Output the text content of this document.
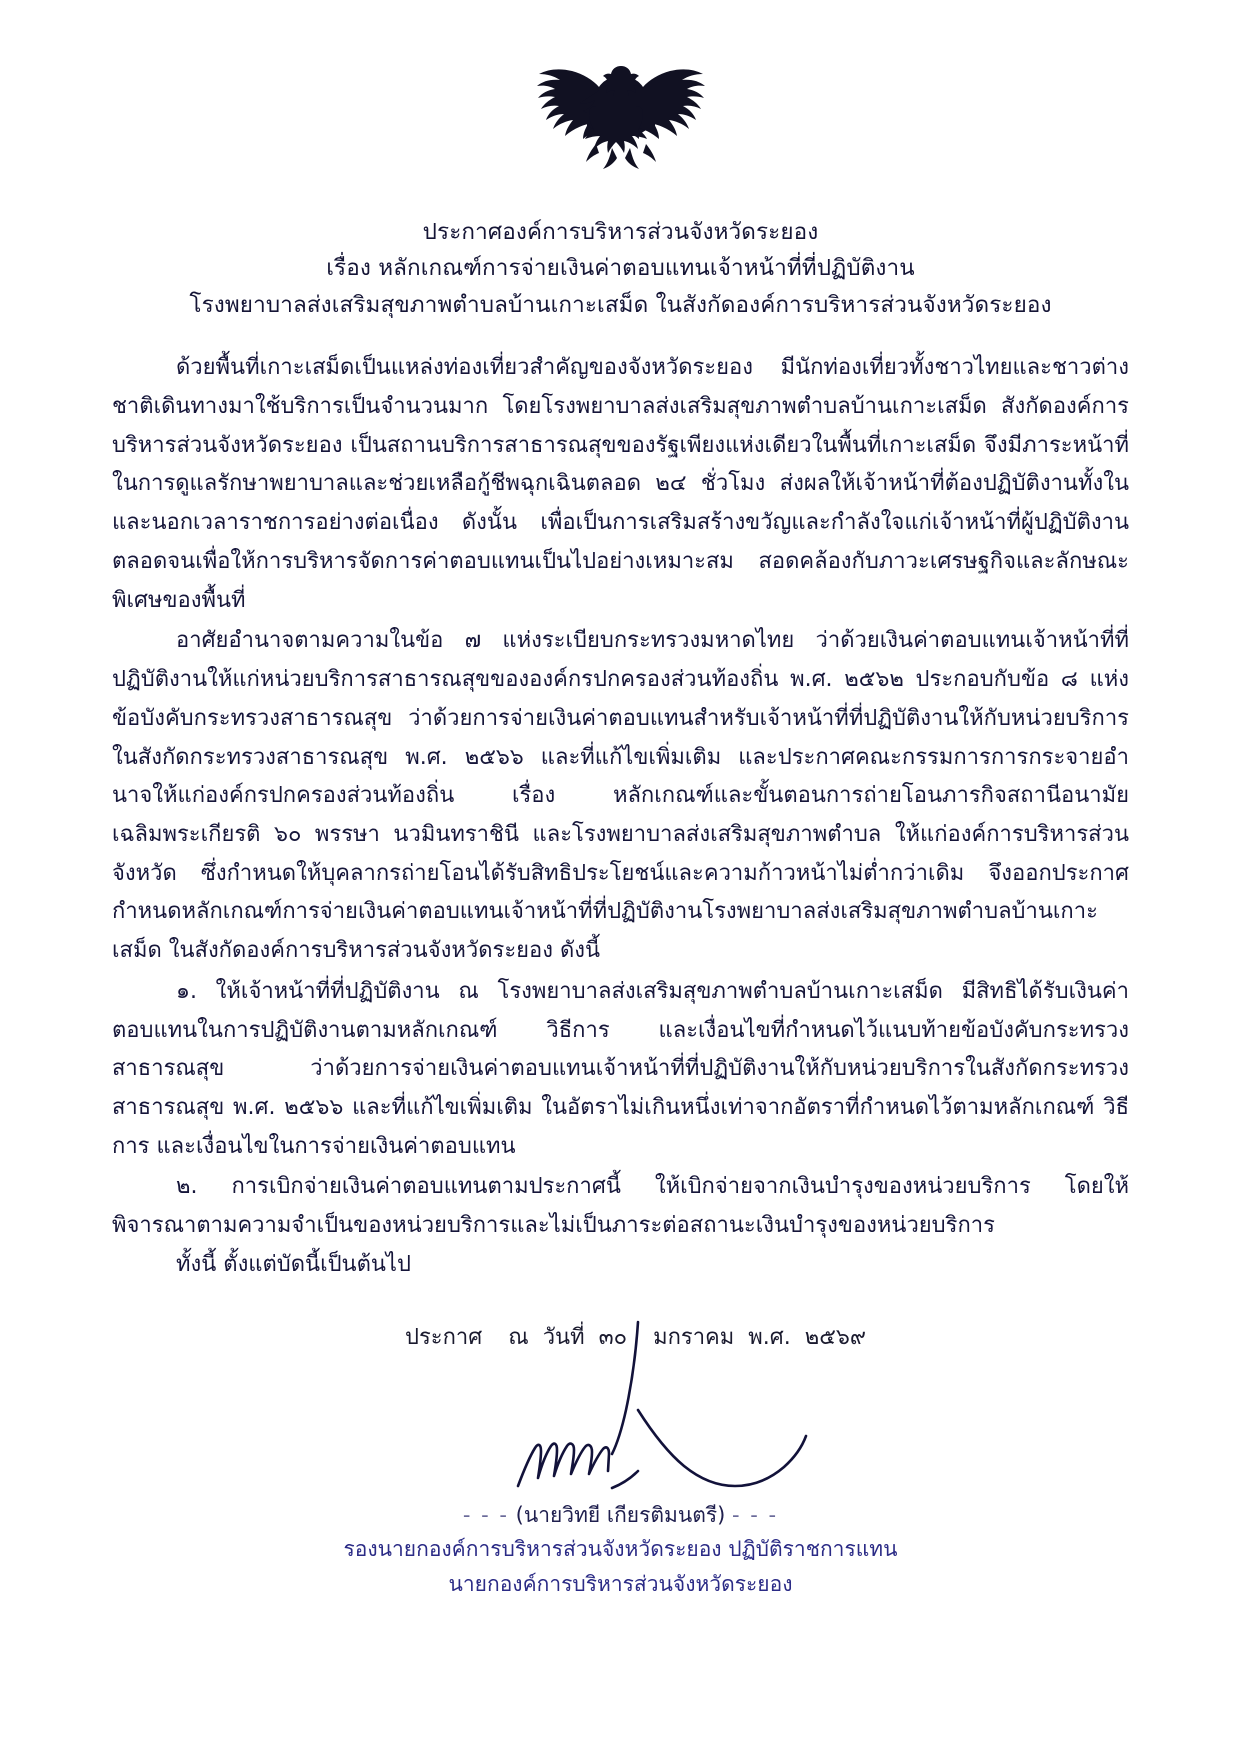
ประกาศองค์การบริหารส่วนจังหวัดระยอง
เรื่อง หลักเกณฑ์การจ่ายเงินค่าตอบแทนเจ้าหน้าที่ที่ปฏิบัติงาน
โรงพยาบาลส่งเสริมสุขภาพตำบลบ้านเกาะเสม็ด ในสังกัดองค์การบริหารส่วนจังหวัดระยอง

ด้วยพื้นที่เกาะเสม็ดเป็นแหล่งท่องเที่ยวสำคัญของจังหวัดระยอง มีนักท่องเที่ยวทั้งชาวไทยและชาวต่างชาติเดินทางมาใช้บริการเป็นจำนวนมาก โดยโรงพยาบาลส่งเสริมสุขภาพตำบลบ้านเกาะเสม็ด สังกัดองค์การบริหารส่วนจังหวัดระยอง เป็นสถานบริการสาธารณสุขของรัฐเพียงแห่งเดียวในพื้นที่เกาะเสม็ด จึงมีภาระหน้าที่ในการดูแลรักษาพยาบาลและช่วยเหลือกู้ชีพฉุกเฉินตลอด ๒๔ ชั่วโมง ส่งผลให้เจ้าหน้าที่ต้องปฏิบัติงานทั้งในและนอกเวลาราชการอย่างต่อเนื่อง ดังนั้น เพื่อเป็นการเสริมสร้างขวัญและกำลังใจแก่เจ้าหน้าที่ผู้ปฏิบัติงาน ตลอดจนเพื่อให้การบริหารจัดการค่าตอบแทนเป็นไปอย่างเหมาะสม สอดคล้องกับภาวะเศรษฐกิจและลักษณะพิเศษของพื้นที่

อาศัยอำนาจตามความในข้อ ๗ แห่งระเบียบกระทรวงมหาดไทย ว่าด้วยเงินค่าตอบแทนเจ้าหน้าที่ที่ปฏิบัติงานให้แก่หน่วยบริการสาธารณสุขขององค์กรปกครองส่วนท้องถิ่น พ.ศ. ๒๕๖๒ ประกอบกับข้อ ๘ แห่งข้อบังคับกระทรวงสาธารณสุข ว่าด้วยการจ่ายเงินค่าตอบแทนสำหรับเจ้าหน้าที่ที่ปฏิบัติงานให้กับหน่วยบริการในสังกัดกระทรวงสาธารณสุข พ.ศ. ๒๕๖๖ และที่แก้ไขเพิ่มเติม และประกาศคณะกรรมการการกระจายอำนาจให้แก่องค์กรปกครองส่วนท้องถิ่น เรื่อง หลักเกณฑ์และขั้นตอนการถ่ายโอนภารกิจสถานีอนามัยเฉลิมพระเกียรติ ๖๐ พรรษา นวมินทราชินี และโรงพยาบาลส่งเสริมสุขภาพตำบล ให้แก่องค์การบริหารส่วนจังหวัด ซึ่งกำหนดให้บุคลากรถ่ายโอนได้รับสิทธิประโยชน์และความก้าวหน้าไม่ต่ำกว่าเดิม จึงออกประกาศกำหนดหลักเกณฑ์การจ่ายเงินค่าตอบแทนเจ้าหน้าที่ที่ปฏิบัติงานโรงพยาบาลส่งเสริมสุขภาพตำบลบ้านเกาะเสม็ด ในสังกัดองค์การบริหารส่วนจังหวัดระยอง ดังนี้

๑. ให้เจ้าหน้าที่ที่ปฏิบัติงาน ณ โรงพยาบาลส่งเสริมสุขภาพตำบลบ้านเกาะเสม็ด มีสิทธิได้รับเงินค่าตอบแทนในการปฏิบัติงานตามหลักเกณฑ์ วิธีการ และเงื่อนไขที่กำหนดไว้แนบท้ายข้อบังคับกระทรวงสาธารณสุข ว่าด้วยการจ่ายเงินค่าตอบแทนเจ้าหน้าที่ที่ปฏิบัติงานให้กับหน่วยบริการในสังกัดกระทรวงสาธารณสุข พ.ศ. ๒๕๖๖ และที่แก้ไขเพิ่มเติม ในอัตราไม่เกินหนึ่งเท่าจากอัตราที่กำหนดไว้ตามหลักเกณฑ์ วิธีการ และเงื่อนไขในการจ่ายเงินค่าตอบแทน

๒. การเบิกจ่ายเงินค่าตอบแทนตามประกาศนี้ ให้เบิกจ่ายจากเงินบำรุงของหน่วยบริการ โดยให้พิจารณาตามความจำเป็นของหน่วยบริการและไม่เป็นภาระต่อสถานะเงินบำรุงของหน่วยบริการ

ทั้งนี้ ตั้งแต่บัดนี้เป็นต้นไป

ประกาศ ณ วันที่ ๓๐ มกราคม พ.ศ. ๒๕๖๙
- - - (นายวิทยี เกียรติมนตรี) - - -
รองนายกองค์การบริหารส่วนจังหวัดระยอง ปฏิบัติราชการแทน
นายกองค์การบริหารส่วนจังหวัดระยอง
